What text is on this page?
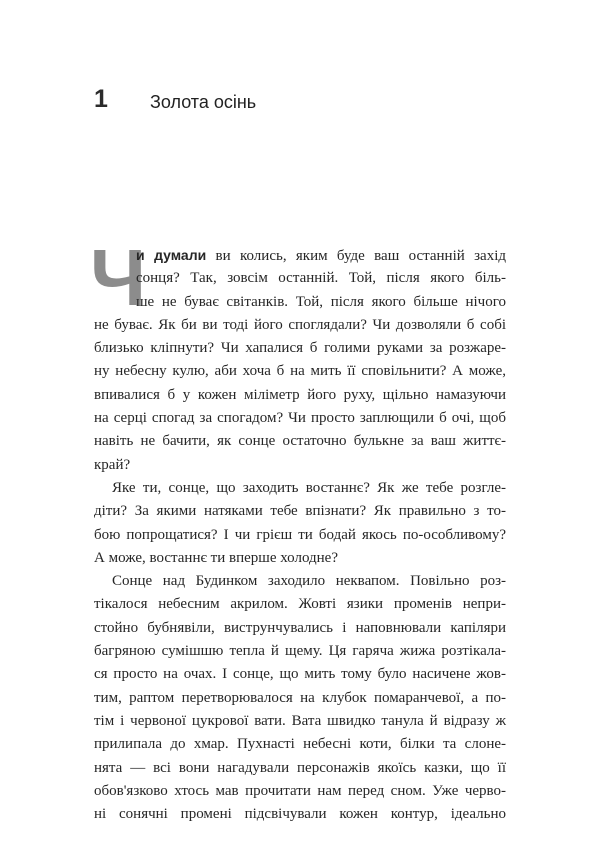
1 Золота осінь
Ч
и думали ви колись, яким буде ваш останній захід
сонця? Так, зовсім останній. Той, після якого біль-
ше не буває світанків. Той, після якого більше нічого
не буває. Як би ви тоді його споглядали? Чи дозволяли б собі
близько кліпнути? Чи хапалися б голими руками за розжаре-
ну небесну кулю, аби хоча б на мить її сповільнити? А може,
впивалися б у кожен міліметр його руху, щільно намазуючи
на серці спогад за спогадом? Чи просто заплющили б очі, щоб
навіть не бачити, як сонце остаточно булькне за ваш життє-
край?
Яке ти, сонце, що заходить востаннє? Як же тебе розгле-
діти? За якими натяками тебе впізнати? Як правильно з то-
бою попрощатися? І чи грієш ти бодай якось по-особливому?
А може, востаннє ти вперше холодне?
Сонце над Будинком заходило неквапом. Повільно роз-
тікалося небесним акрилом. Жовті язики променів непри-
стойно бубнявіли, виструнчувались і наповнювали капіляри
багряною сумішшю тепла й щему. Ця гаряча жижа розтікала-
ся просто на очах. І сонце, що мить тому було насичене жов-
тим, раптом перетворювалося на клубок помаранчевої, а по-
тім і червоної цукрової вати. Вата швидко танула й відразу ж
прилипала до хмар. Пухнасті небесні коти, білки та слоне-
нята — всі вони нагадували персонажів якоїсь казки, що її
обов'язково хтось мав прочитати нам перед сном. Уже черво-
ні сонячні промені підсвічували кожен контур, ідеально
